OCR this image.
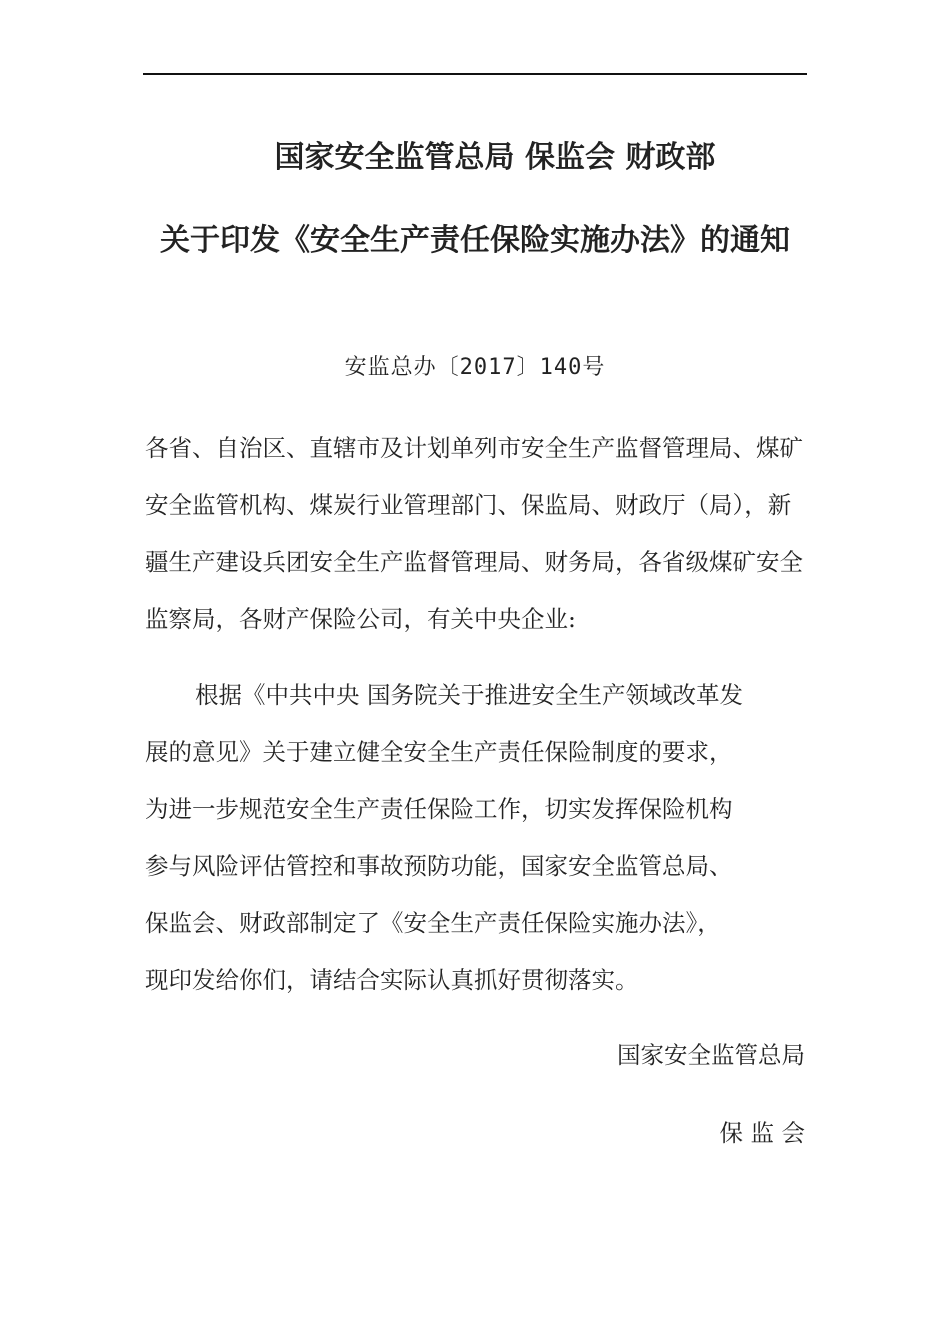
国家安全监管总局 保监会 财政部
关于印发《安全生产责任保险实施办法》的通知
安监总办〔2017〕140号
各省、自治区、直辖市及计划单列市安全生产监督管理局、煤矿安全监管机构、煤炭行业管理部门、保监局、财政厅（局），新疆生产建设兵团安全生产监督管理局、财务局，各省级煤矿安全监察局，各财产保险公司，有关中央企业:
根据《中共中央 国务院关于推进安全生产领域改革发
展的意见》关于建立健全安全生产责任保险制度的要求，
为进一步规范安全生产责任保险工作，切实发挥保险机构
参与风险评估管控和事故预防功能，国家安全监管总局、
保监会、财政部制定了《安全生产责任保险实施办法》，
现印发给你们，请结合实际认真抓好贯彻落实。
国家安全监管总局
保 监 会
